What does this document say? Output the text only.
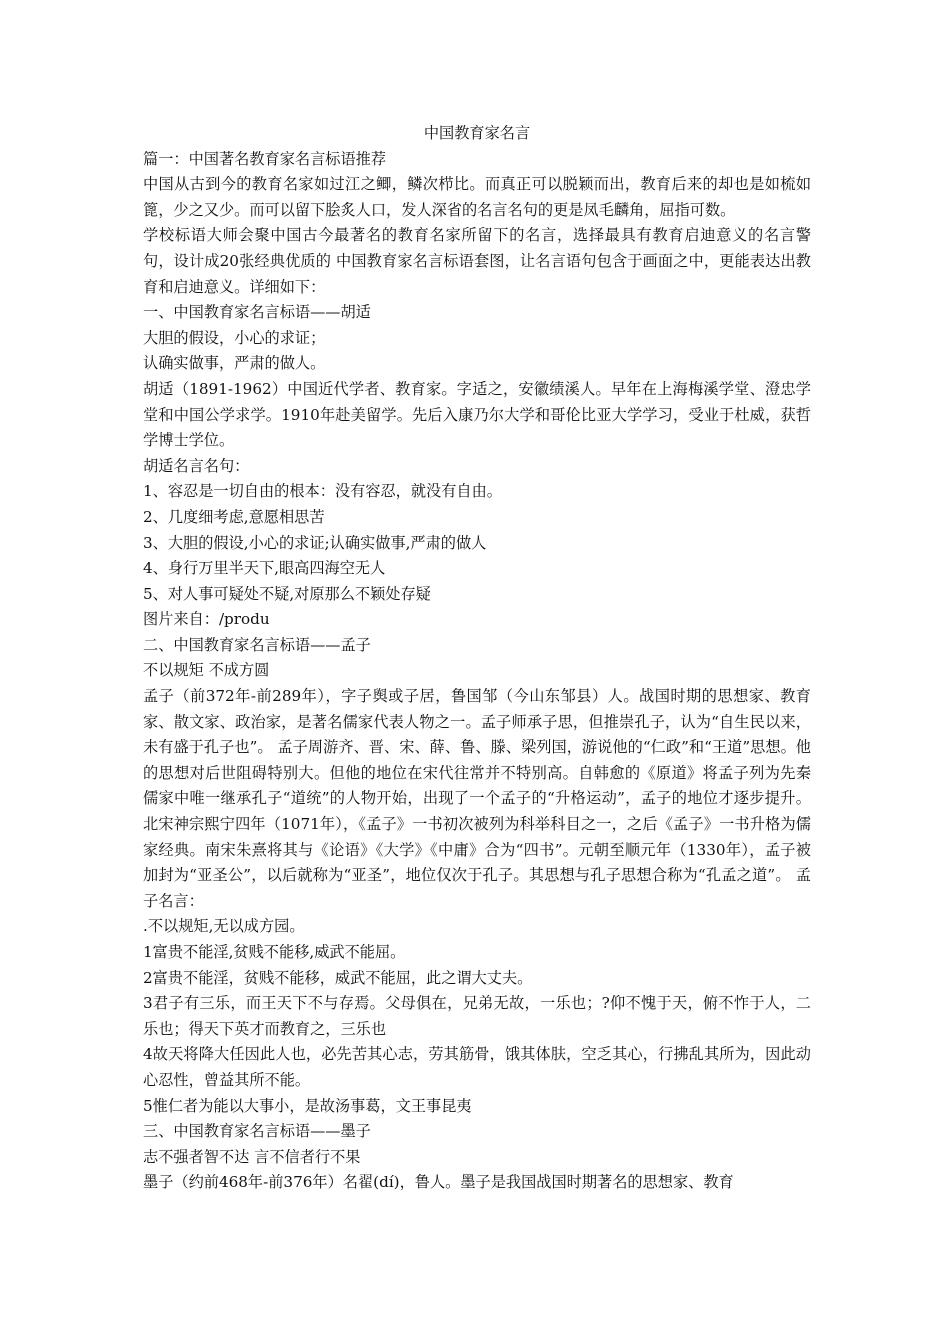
中国教育家名言

篇一：中国著名教育家名言标语推荐

中国从古到今的教育名家如过江之鲫，鳞次栉比。而真正可以脱颖而出，教育后来的却也是如梳如篦，少之又少。而可以留下脍炙人口，发人深省的名言名句的更是凤毛麟角，屈指可数。

学校标语大师会聚中国古今最著名的教育名家所留下的名言，选择最具有教育启迪意义的名言警句，设计成20张经典优质的 中国教育家名言标语套图，让名言语句包含于画面之中，更能表达出教育和启迪意义。详细如下：

一、中国教育家名言标语——胡适

大胆的假设，小心的求证；

认确实做事，严肃的做人。

胡适（1891-1962）中国近代学者、教育家。字适之，安徽绩溪人。早年在上海梅溪学堂、澄忠学堂和中国公学求学。1910年赴美留学。先后入康乃尔大学和哥伦比亚大学学习，受业于杜威，获哲学博士学位。

胡适名言名句：

1、容忍是一切自由的根本：没有容忍，就没有自由。

2、几度细考虑,意愿相思苦

3、大胆的假设,小心的求证;认确实做事,严肃的做人

4、身行万里半天下,眼高四海空无人

5、对人事可疑处不疑,对原那么不颖处存疑

图片来自：/produ

二、中国教育家名言标语——孟子

不以规矩 不成方圆

孟子（前372年-前289年），字子舆或子居，鲁国邹（今山东邹县）人。战国时期的思想家、教育家、散文家、政治家，是著名儒家代表人物之一。孟子师承子思，但推崇孔子，认为“自生民以来，未有盛于孔子也”。 孟子周游齐、晋、宋、薛、鲁、滕、梁列国，游说他的“仁政”和“王道”思想。他的思想对后世阻碍特别大。但他的地位在宋代往常并不特别高。自韩愈的《原道》将孟子列为先秦儒家中唯一继承孔子“道统”的人物开始，出现了一个孟子的“升格运动”，孟子的地位才逐步提升。北宋神宗熙宁四年（1071年），《孟子》一书初次被列为科举科目之一，之后《孟子》一书升格为儒家经典。南宋朱熹将其与《论语》《大学》《中庸》合为“四书”。元朝至顺元年（1330年），孟子被加封为“亚圣公”，以后就称为“亚圣”，地位仅次于孔子。其思想与孔子思想合称为“孔孟之道”。 孟子名言：

.不以规矩,无以成方园。

1富贵不能淫,贫贱不能移,威武不能屈。

2富贵不能淫，贫贱不能移，威武不能屈，此之谓大丈夫。

3君子有三乐，而王天下不与存焉。父母俱在，兄弟无故，一乐也；?仰不愧于天，俯不怍于人，二乐也；得天下英才而教育之，三乐也

4故天将降大任因此人也，必先苦其心志，劳其筋骨，饿其体肤，空乏其心，行拂乱其所为，因此动心忍性，曾益其所不能。

5惟仁者为能以大事小，是故汤事葛，文王事昆夷

三、中国教育家名言标语——墨子

志不强者智不达 言不信者行不果

墨子（约前468年-前376年）名翟(dí)，鲁人。墨子是我国战国时期著名的思想家、教育
